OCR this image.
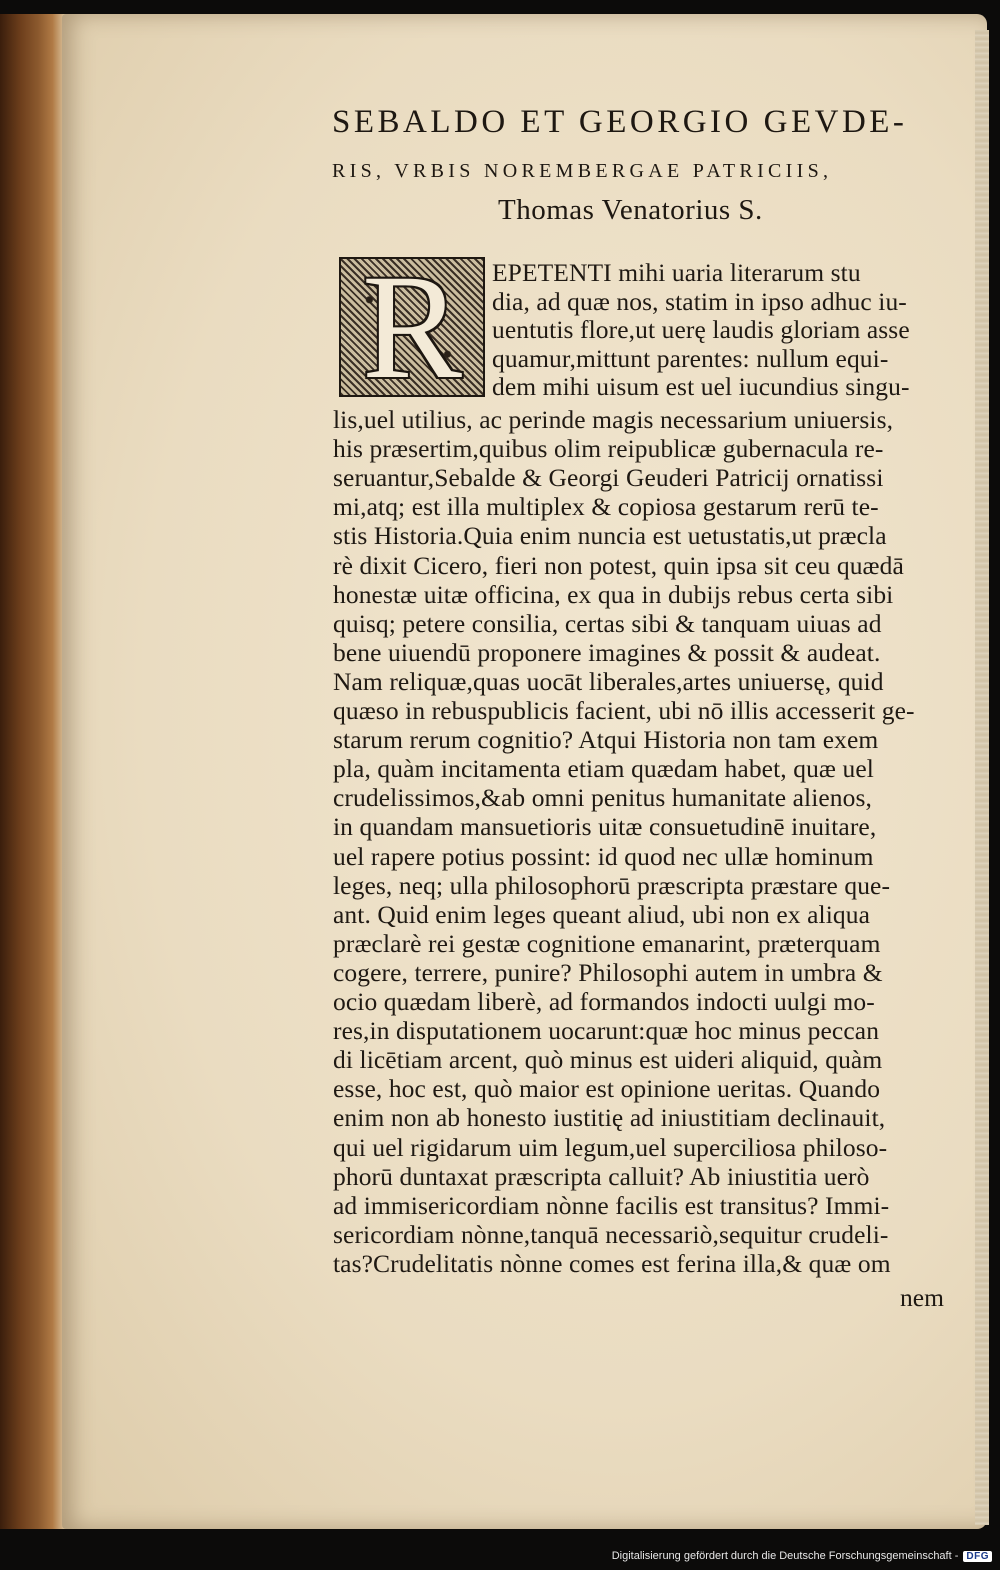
SEBALDO ET GEORGIO GEVDE-

RIS, VRBIS NOREMBERGAE PATRICIIS,

Thomas Venatorius S.

R	EPETENTI mihi uaria literarum stu

dia, ad quæ nos, statim in ipso adhuc iu-

uentutis flore,ut uerę laudis gloriam asse

quamur,mittunt parentes: nullum equi-

dem mihi uisum est uel iucundius singu-

lis,uel utilius, ac perinde magis necessarium uniuersis,

his præsertim,quibus olim reipublicæ gubernacula re-

seruantur,Sebalde & Georgi Geuderi Patricij ornatissi

mi,atq; est illa multiplex & copiosa gestarum rerū te-

stis Historia.Quia enim nuncia est uetustatis,ut præcla

rè dixit Cicero, fieri non potest, quin ipsa sit ceu quædā

honestæ uitæ officina, ex qua in dubijs rebus certa sibi

quisq; petere consilia, certas sibi & tanquam uiuas ad

bene uiuendū proponere imagines & possit & audeat.

Nam reliquæ,quas uocāt liberales,artes uniuersę, quid

quæso in rebuspublicis facient, ubi nō illis accesserit ge-

starum rerum cognitio? Atqui Historia non tam exem

pla, quàm incitamenta etiam quædam habet, quæ uel

crudelissimos,&ab omni penitus humanitate alienos,

in quandam mansuetioris uitæ consuetudinē inuitare,

uel rapere potius possint: id quod nec ullæ hominum

leges, neq; ulla philosophorū præscripta præstare que-

ant. Quid enim leges queant aliud, ubi non ex aliqua

præclarè rei gestæ cognitione emanarint, præterquam

cogere, terrere, punire? Philosophi autem in umbra &

ocio quædam liberè, ad formandos indocti uulgi mo-

res,in disputationem uocarunt:quæ hoc minus peccan

di licētiam arcent, quò minus est uideri aliquid, quàm

esse, hoc est, quò maior est opinione ueritas. Quando

enim non ab honesto iustitię ad iniustitiam declinauit,

qui uel rigidarum uim legum,uel superciliosa philoso-

phorū duntaxat præscripta calluit? Ab iniustitia uerò

ad immisericordiam nònne facilis est transitus? Immi-

sericordiam nònne,tanquā necessariò,sequitur crudeli-

tas?Crudelitatis nònne comes est ferina illa,& quæ om

nem

Digitalisierung gefördert durch die Deutsche Forschungsgemeinschaft - DFG
